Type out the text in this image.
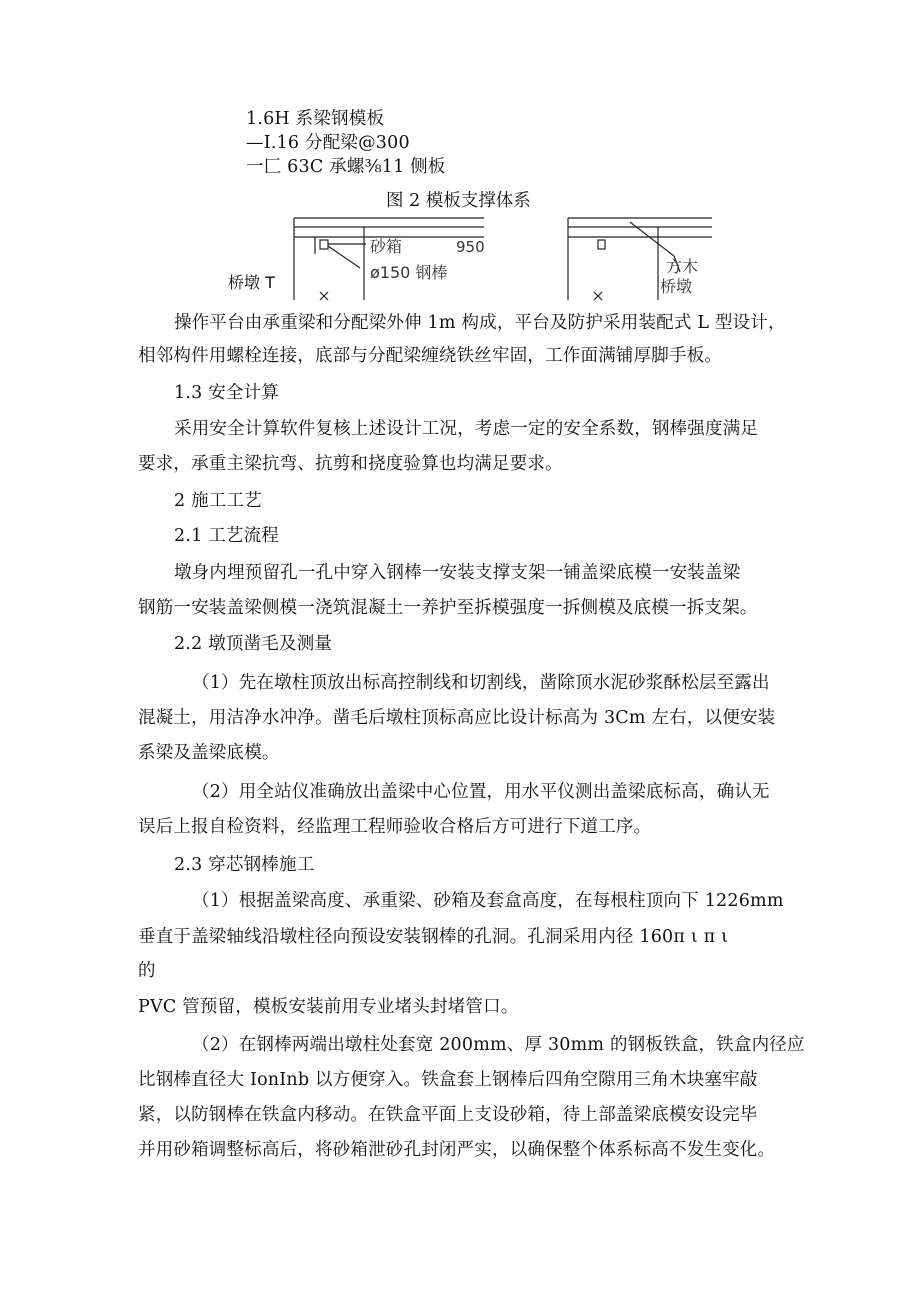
1.6H 系梁钢模板
—I.16 分配梁@300
一匚 63C 承螺⅜11 侧板
图 2 模板支撑体系
砂箱	950
ø150 钢棒
桥墩 T
方木
桥墩
操作平台由承重梁和分配梁外伸 1m 构成，平台及防护采用装配式 L 型设计，
相邻构件用螺栓连接，底部与分配梁缠绕铁丝牢固，工作面满铺厚脚手板。
1.3 安全计算
采用安全计算软件复核上述设计工况，考虑一定的安全系数，钢棒强度满足
要求，承重主梁抗弯、抗剪和挠度验算也均满足要求。
2 施工工艺
2.1 工艺流程
墩身内埋预留孔一孔中穿入钢棒一安装支撑支架一铺盖梁底模一安装盖梁
钢筋一安装盖梁侧模一浇筑混凝土一养护至拆模强度一拆侧模及底模一拆支架。
2.2 墩顶凿毛及测量
（1）先在墩柱顶放出标高控制线和切割线，凿除顶水泥砂浆酥松层至露出
混凝土，用洁净水冲净。凿毛后墩柱顶标高应比设计标高为 3Cm 左右，以便安装
系梁及盖梁底模。
（2）用全站仪准确放出盖梁中心位置，用水平仪测出盖梁底标高，确认无
误后上报自检资料，经监理工程师验收合格后方可进行下道工序。
2.3 穿芯钢棒施工
（1）根据盖梁高度、承重梁、砂箱及套盒高度，在每根柱顶向下 1226mm
垂直于盖梁轴线沿墩柱径向预设安装钢棒的孔洞。孔洞采用内径 160π ι π ι
的
PVC 管预留，模板安装前用专业堵头封堵管口。
（2）在钢棒两端出墩柱处套宽 200mm、厚 30mm 的钢板铁盒，铁盒内径应
比钢棒直径大 IonInb 以方便穿入。铁盒套上钢棒后四角空隙用三角木块塞牢敲
紧，以防钢棒在铁盒内移动。在铁盒平面上支设砂箱，待上部盖梁底模安设完毕
并用砂箱调整标高后，将砂箱泄砂孔封闭严实，以确保整个体系标高不发生变化。
